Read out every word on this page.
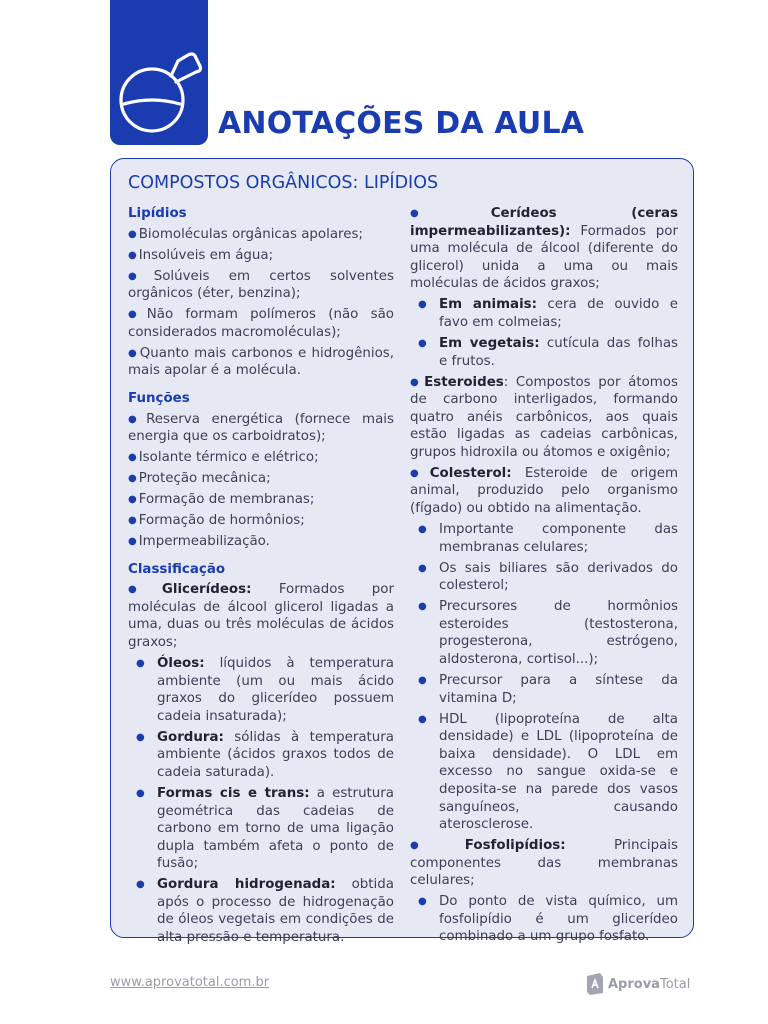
ANOTAÇÕES DA AULA
COMPOSTOS ORGÂNICOS: LIPÍDIOS
Lipídios
● Biomoléculas orgânicas apolares;
● Insolúveis em água;
● Solúveis em certos solventes orgânicos (éter, benzina);
● Não formam polímeros (não são considerados macromoléculas);
● Quanto mais carbonos e hidrogênios, mais apolar é a molécula.
Funções
● Reserva energética (fornece mais energia que os carboidratos);
● Isolante térmico e elétrico;
● Proteção mecânica;
● Formação de membranas;
● Formação de hormônios;
● Impermeabilização.
Classificação
● Glicerídeos: Formados por moléculas de álcool glicerol ligadas a uma, duas ou três moléculas de ácidos graxos;
● Óleos: líquidos à temperatura ambiente (um ou mais ácido graxos do glicerídeo possuem cadeia insaturada);
● Gordura: sólidas à temperatura ambiente (ácidos graxos todos de cadeia saturada).
● Formas cis e trans: a estrutura geométrica das cadeias de carbono em torno de uma ligação dupla também afeta o ponto de fusão;
● Gordura hidrogenada: obtida após o processo de hidrogenação de óleos vegetais em condições de alta pressão e temperatura.
● Cerídeos (ceras impermeabilizantes): Formados por uma molécula de álcool (diferente do glicerol) unida a uma ou mais moléculas de ácidos graxos;
● Em animais: cera de ouvido e favo em colmeias;
● Em vegetais: cutícula das folhas e frutos.
● Esteroides: Compostos por átomos de carbono interligados, formando quatro anéis carbônicos, aos quais estão ligadas as cadeias carbônicas, grupos hidroxila ou átomos e oxigênio;
● Colesterol: Esteroide de origem animal, produzido pelo organismo (fígado) ou obtido na alimentação.
● Importante componente das membranas celulares;
● Os sais biliares são derivados do colesterol;
● Precursores de hormônios esteroides (testosterona, progesterona, estrógeno, aldosterona, cortisol...);
● Precursor para a síntese da vitamina D;
● HDL (lipoproteína de alta densidade) e LDL (lipoproteína de baixa densidade). O LDL em excesso no sangue oxida-se e deposita-se na parede dos vasos sanguíneos, causando aterosclerose.
● Fosfolipídios: Principais componentes das membranas celulares;
● Do ponto de vista químico, um fosfolipídio é um glicerídeo combinado a um grupo fosfato.
www.aprovatotal.com.br	AprovaTotal
